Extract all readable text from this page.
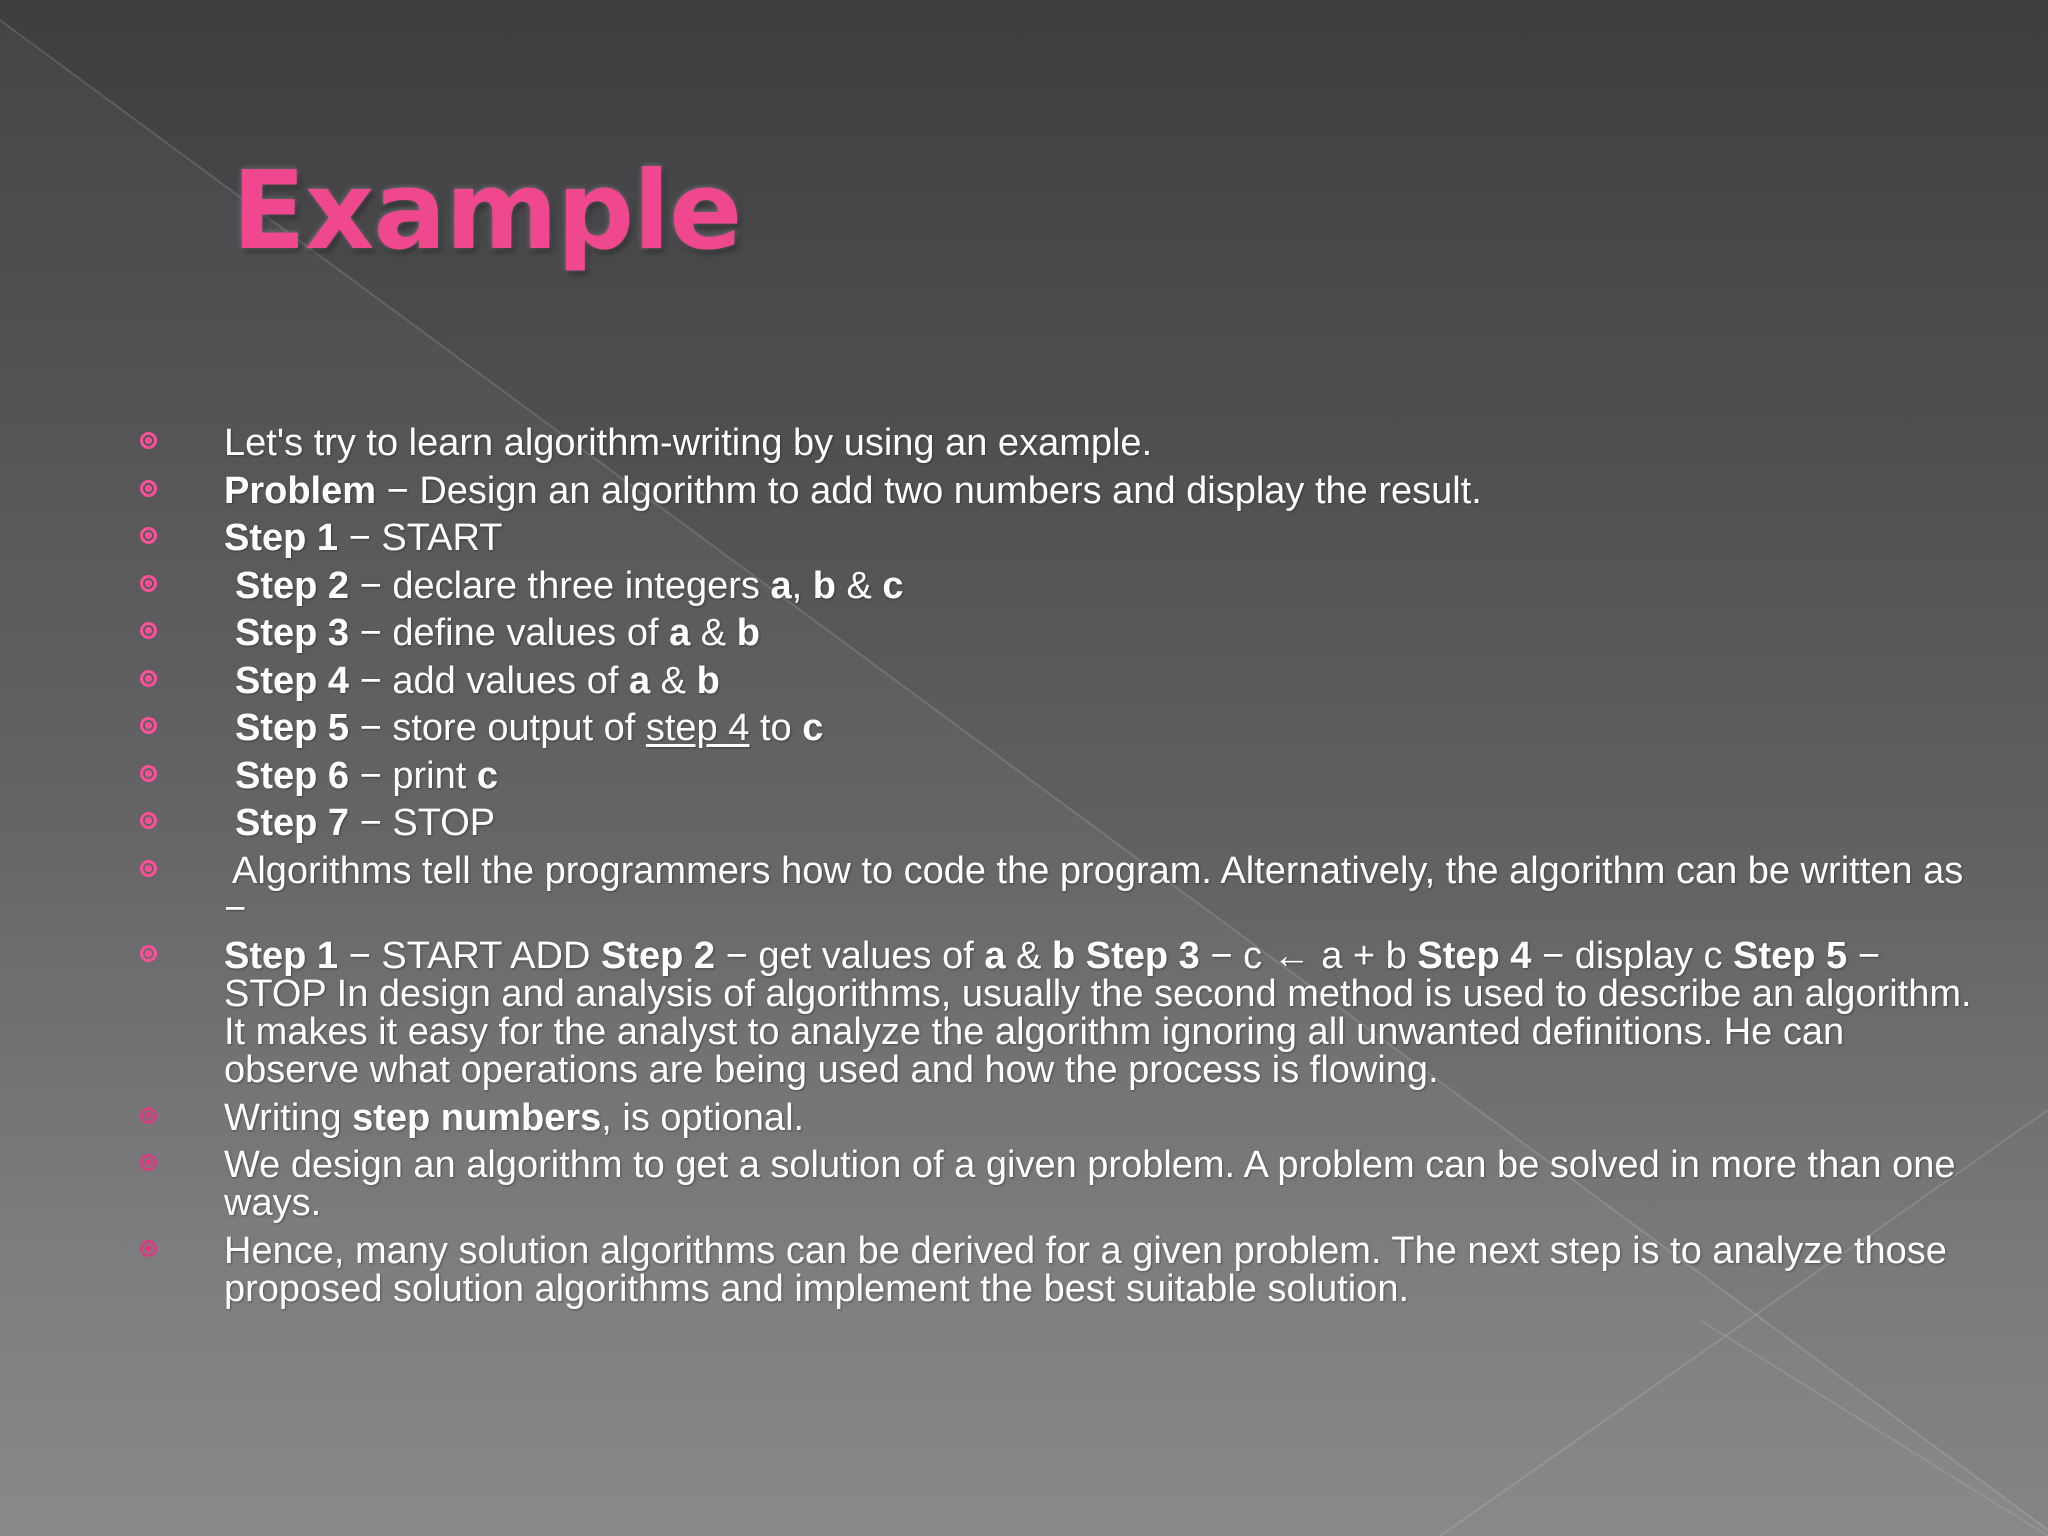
Example
Let's try to learn algorithm-writing by using an example.
Problem − Design an algorithm to add two numbers and display the result.
Step 1 − START
Step 2 − declare three integers a, b & c
Step 3 − define values of a & b
Step 4 − add values of a & b
Step 5 − store output of step 4 to c
Step 6 − print c
Step 7 − STOP
Algorithms tell the programmers how to code the program. Alternatively, the algorithm can be written as −
Step 1 − START ADD Step 2 − get values of a & b Step 3 − c ← a + b Step 4 − display c Step 5 − STOP In design and analysis of algorithms, usually the second method is used to describe an algorithm. It makes it easy for the analyst to analyze the algorithm ignoring all unwanted definitions. He can observe what operations are being used and how the process is flowing.
Writing step numbers, is optional.
We design an algorithm to get a solution of a given problem. A problem can be solved in more than one ways.
Hence, many solution algorithms can be derived for a given problem. The next step is to analyze those proposed solution algorithms and implement the best suitable solution.
